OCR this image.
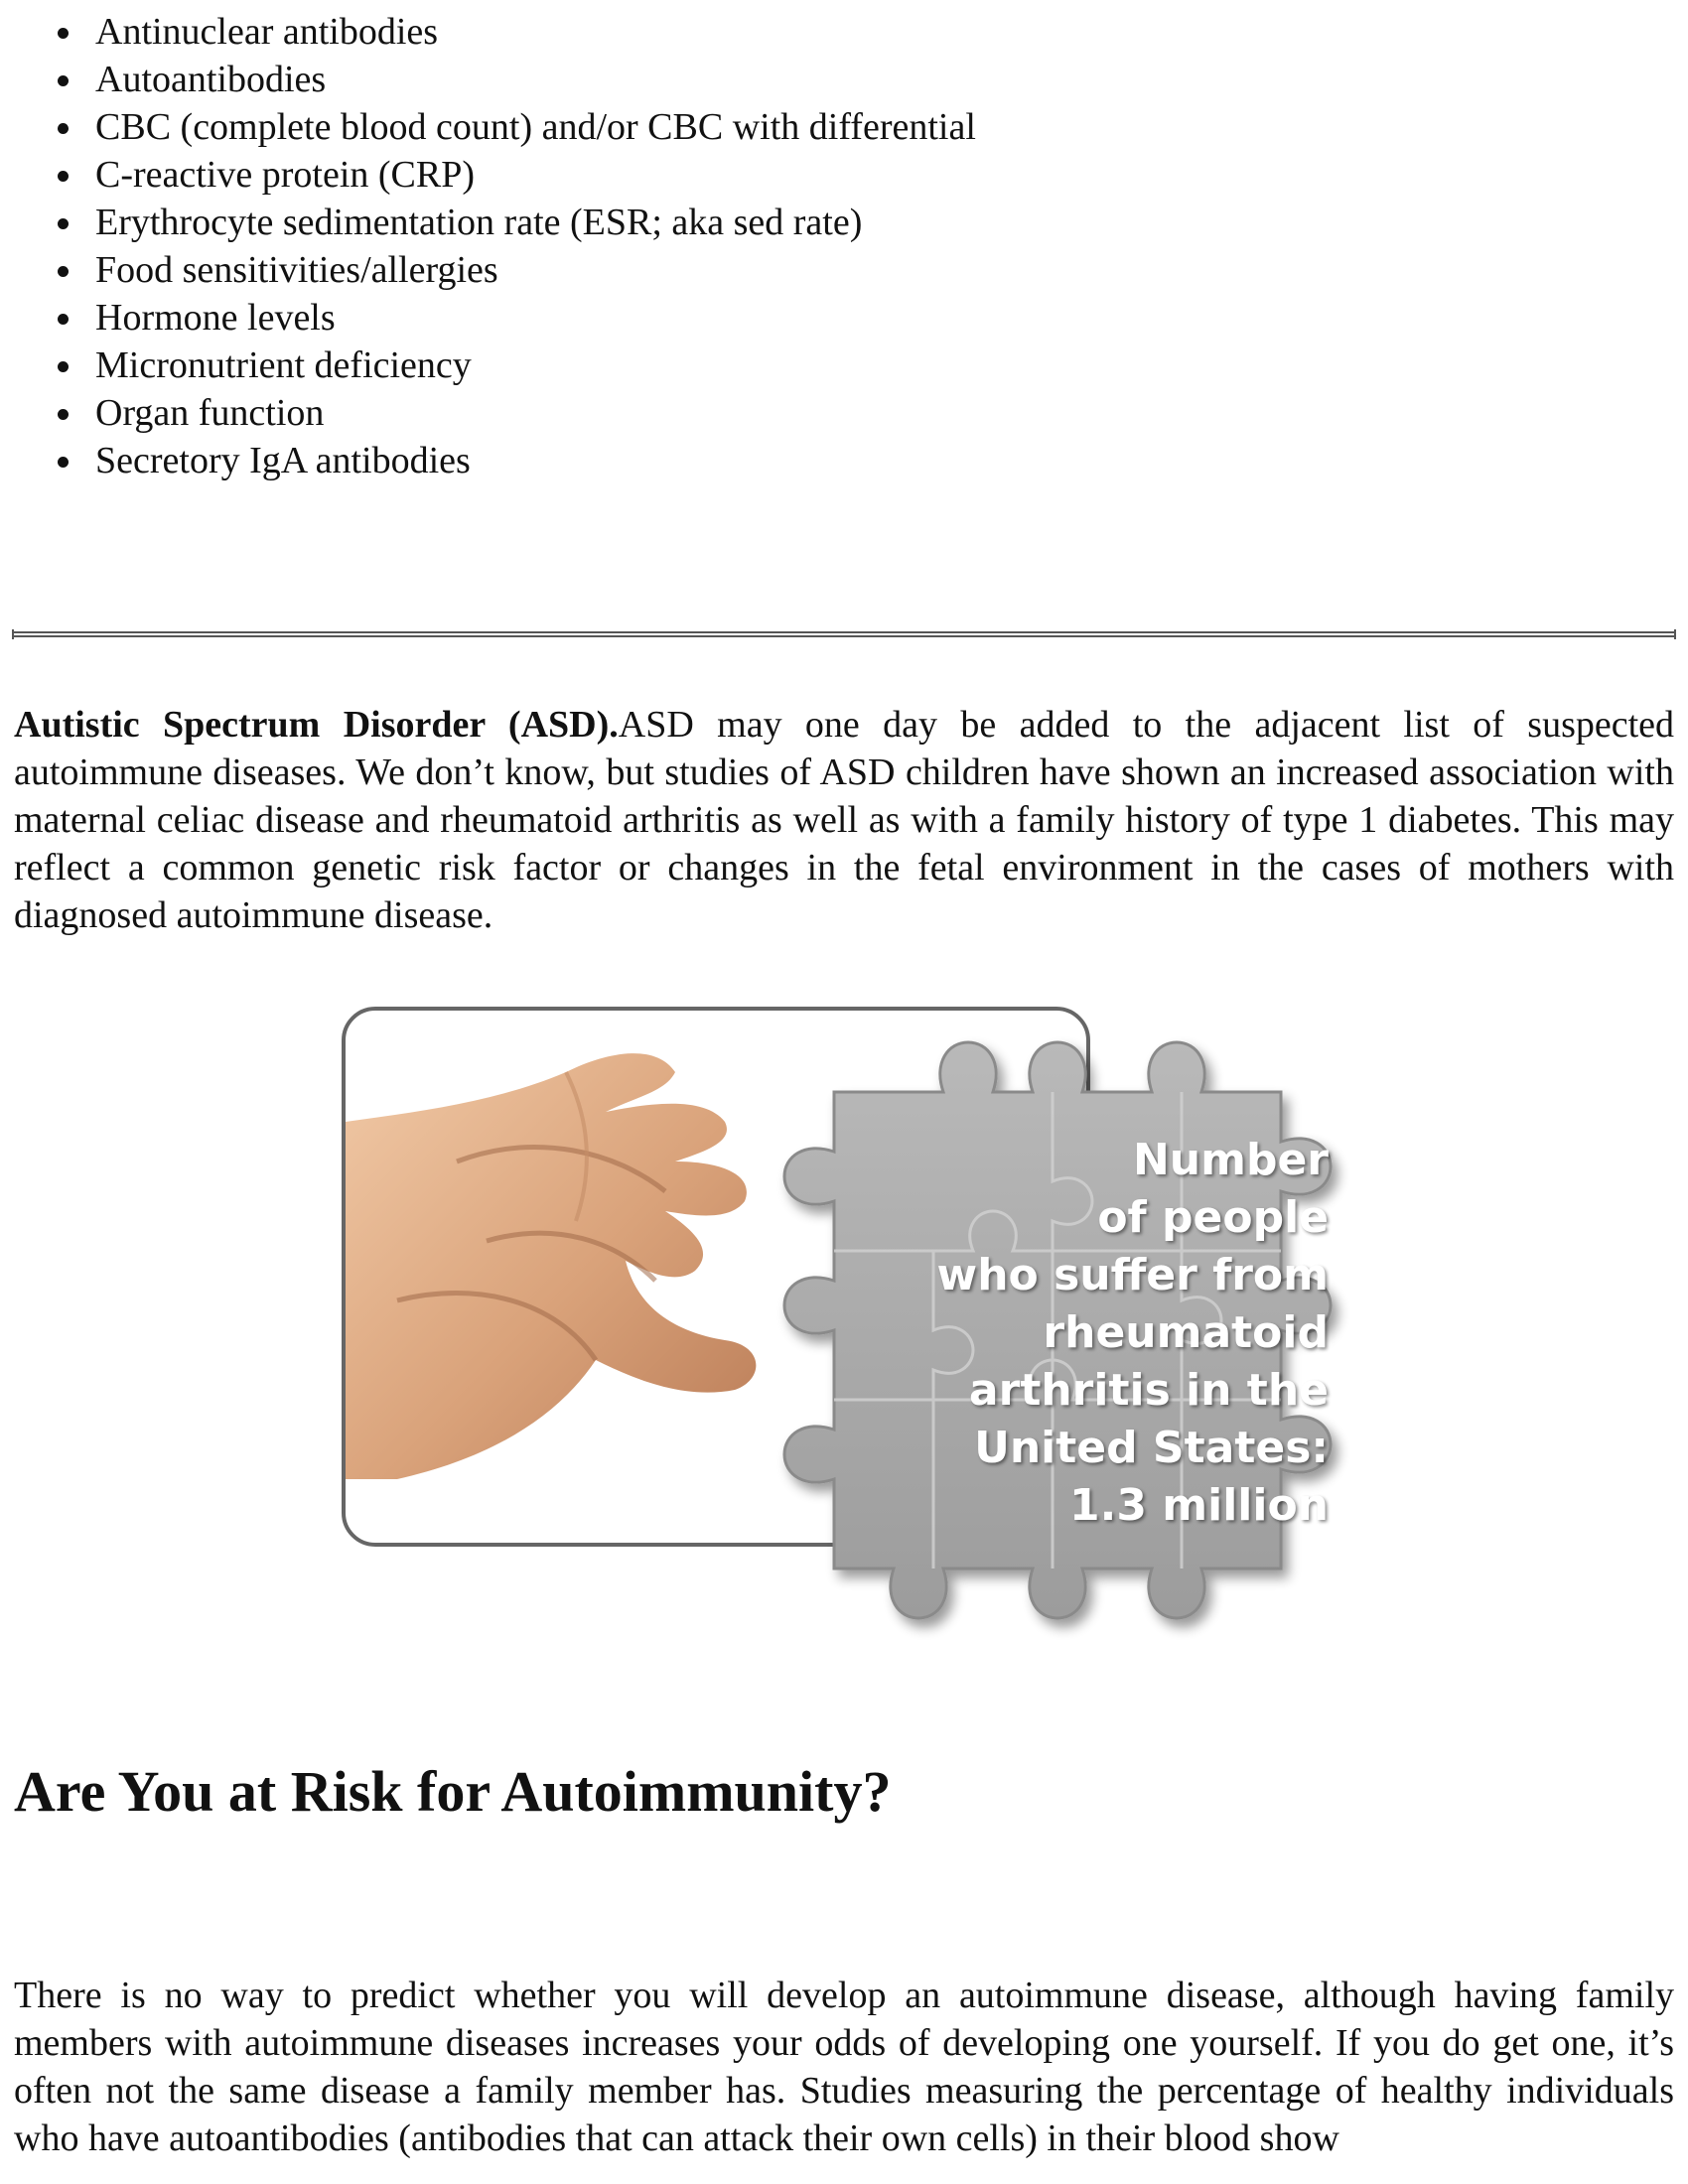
Antinuclear antibodies
Autoantibodies
CBC (complete blood count) and/or CBC with differential
C-reactive protein (CRP)
Erythrocyte sedimentation rate (ESR; aka sed rate)
Food sensitivities/allergies
Hormone levels
Micronutrient deficiency
Organ function
Secretory IgA antibodies

Autistic Spectrum Disorder (ASD).ASD may one day be added to the adjacent list of suspected autoimmune diseases. We don’t know, but studies of ASD children have shown an increased association with maternal celiac disease and rheumatoid arthritis as well as with a family history of type 1 diabetes. This may reflect a common genetic risk factor or changes in the fetal environment in the cases of mothers with diagnosed autoimmune disease.

Number
of people
who suffer from
rheumatoid
arthritis in the
United States:
1.3 million

Are You at Risk for Autoimmunity?

There is no way to predict whether you will develop an autoimmune disease, although having family members with autoimmune diseases increases your odds of developing one yourself. If you do get one, it’s often not the same disease a family member has. Studies measuring the percentage of healthy individuals who have autoantibodies (antibodies that can attack their own cells) in their blood show
